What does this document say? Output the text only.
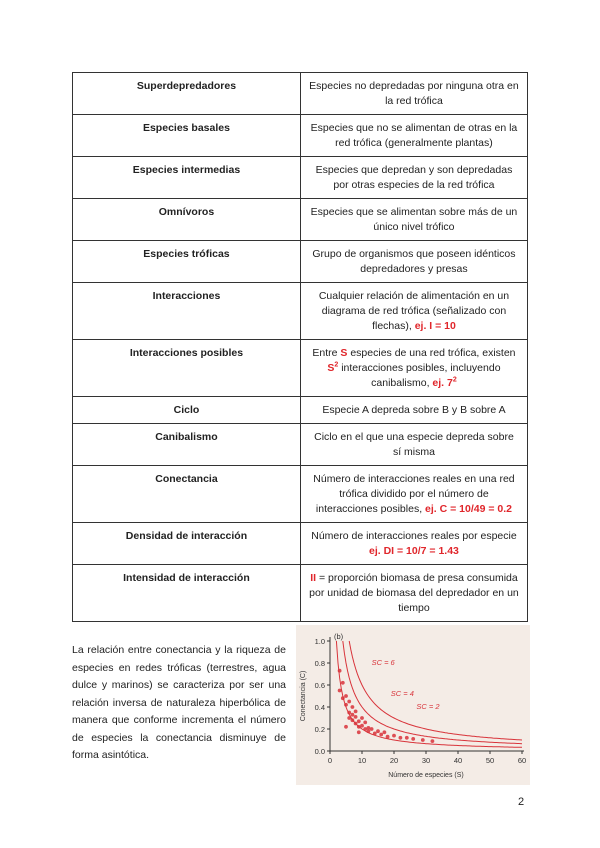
Superdepredadores	Especies no depredadas por ninguna otra en la red trófica
Especies basales	Especies que no se alimentan de otras en la red trófica (generalmente plantas)
Especies intermedias	Especies que depredan y son depredadas por otras especies de la red trófica
Omnívoros	Especies que se alimentan sobre más de un único nivel trófico
Especies tróficas	Grupo de organismos que poseen idénticos depredadores y presas
Interacciones	Cualquier relación de alimentación en un diagrama de red trófica (señalizado con flechas), ej. I = 10
Interacciones posibles	Entre S especies de una red trófica, existen $S^2$ interacciones posibles, incluyendo canibalismo, ej. $7^2$
Ciclo	Especie A depreda sobre B y B sobre A
Canibalismo	Ciclo en el que una especie depreda sobre sí misma
Conectancia	Número de interacciones reales en una red trófica dividido por el número de interacciones posibles, ej. C = 10/49 = 0.2
Densidad de interacción	Número de interacciones reales por especie
ej. DI = 10/7 = 1.43
Intensidad de interacción	II = proporción biomasa de presa consumida por unidad de biomasa del depredador en un tiempo
La relación entre conectancia y la riqueza de especies en redes tróficas (terrestres, agua dulce y marinos) se caracteriza por ser una relación inversa de naturaleza hiperbólica de manera que conforme incrementa el número de especies la conectancia disminuye de forma asintótica.	0.0
0.2
0.4
0.6
0.8
1.0
0	10	20	30	40	50	60
Número de especies (S)
Conectancia (C)
(b)
SC = 6
SC = 4
SC = 2
2
